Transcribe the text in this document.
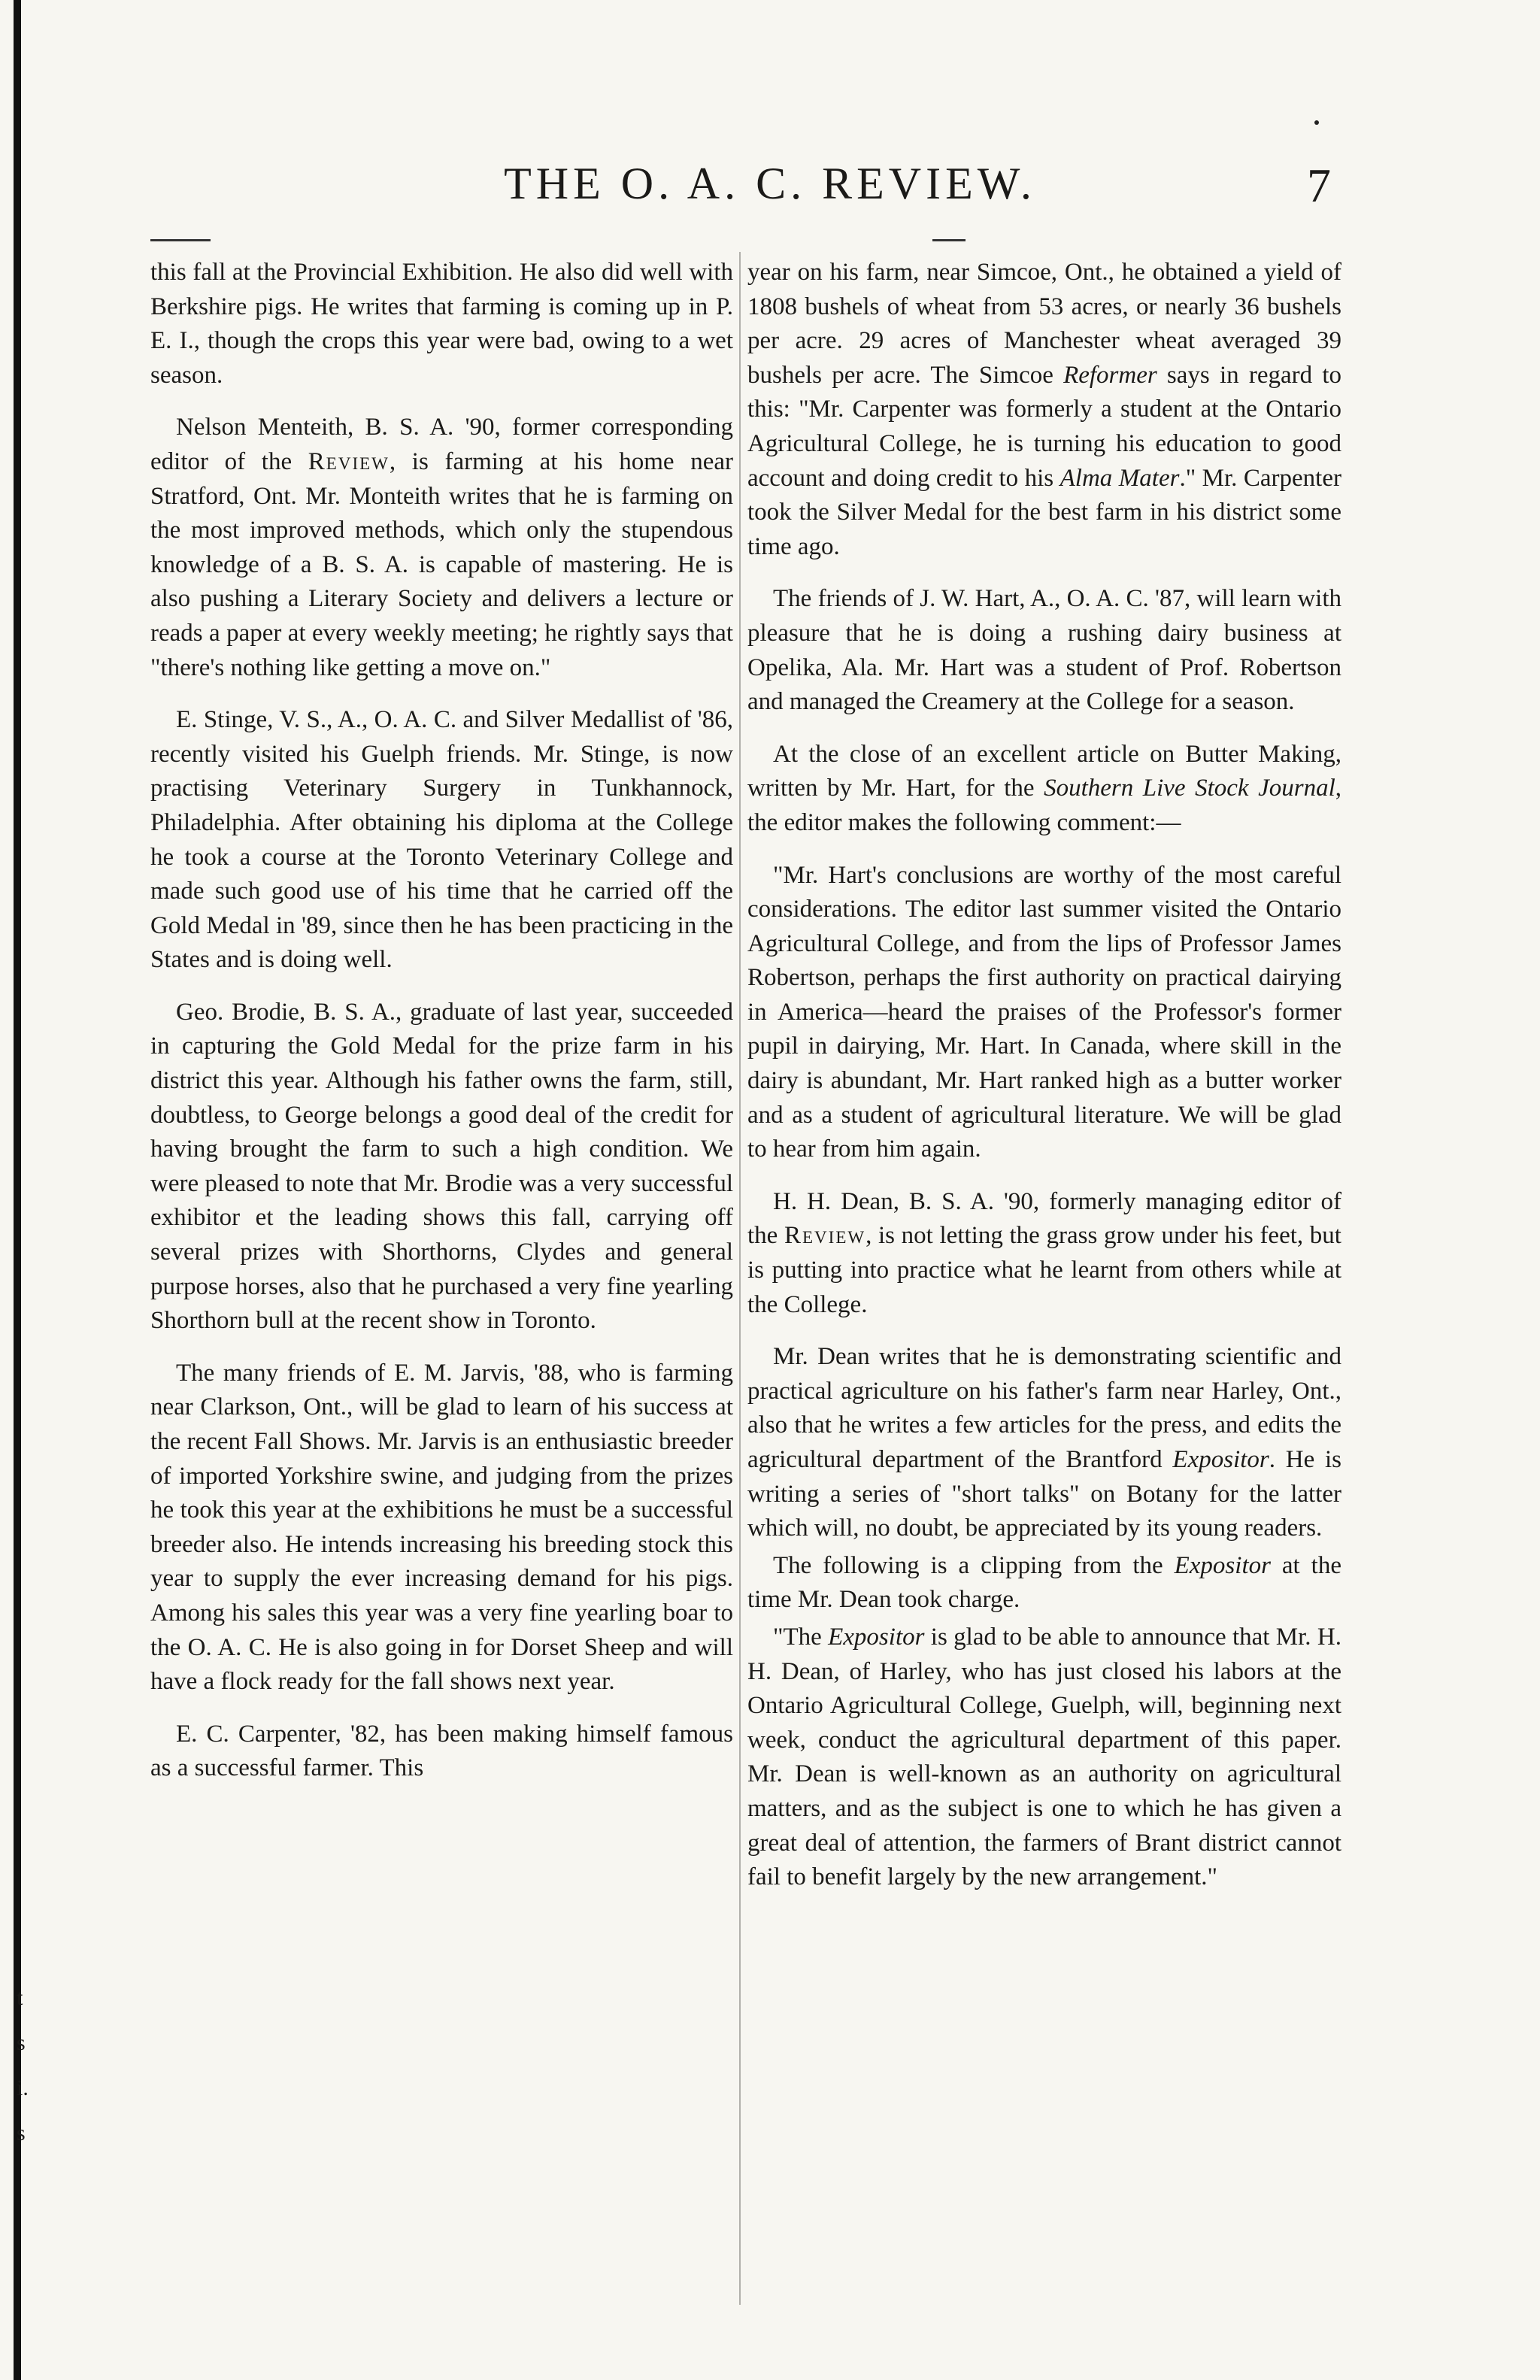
t
s
i.
s
THE O. A. C. REVIEW.	7

this fall at the Provincial Exhibition. He also did well with Berkshire pigs. He writes that farming is coming up in P. E. I., though the crops this year were bad, owing to a wet season.

Nelson Menteith, B. S. A. '90, former corresponding editor of the Review, is farming at his home near Stratford, Ont. Mr. Monteith writes that he is farming on the most improved methods, which only the stupendous knowledge of a B. S. A. is capable of mastering. He is also pushing a Literary Society and delivers a lecture or reads a paper at every weekly meeting; he rightly says that "there's nothing like getting a move on."

E. Stinge, V. S., A., O. A. C. and Silver Medallist of '86, recently visited his Guelph friends. Mr. Stinge, is now practising Veterinary Surgery in Tunkhannock, Philadelphia. After obtaining his diploma at the College he took a course at the Toronto Veterinary College and made such good use of his time that he carried off the Gold Medal in '89, since then he has been practicing in the States and is doing well.

Geo. Brodie, B. S. A., graduate of last year, succeeded in capturing the Gold Medal for the prize farm in his district this year. Although his father owns the farm, still, doubtless, to George belongs a good deal of the credit for having brought the farm to such a high condition. We were pleased to note that Mr. Brodie was a very successful exhibitor et the leading shows this fall, carrying off several prizes with Shorthorns, Clydes and general purpose horses, also that he purchased a very fine yearling Shorthorn bull at the recent show in Toronto.

The many friends of E. M. Jarvis, '88, who is farming near Clarkson, Ont., will be glad to learn of his success at the recent Fall Shows. Mr. Jarvis is an enthusiastic breeder of imported Yorkshire swine, and judging from the prizes he took this year at the exhibitions he must be a successful breeder also. He intends increasing his breeding stock this year to supply the ever increasing demand for his pigs. Among his sales this year was a very fine yearling boar to the O. A. C. He is also going in for Dorset Sheep and will have a flock ready for the fall shows next year.

E. C. Carpenter, '82, has been making himself famous as a successful farmer. This

year on his farm, near Simcoe, Ont., he obtained a yield of 1808 bushels of wheat from 53 acres, or nearly 36 bushels per acre. 29 acres of Manchester wheat averaged 39 bushels per acre. The Simcoe Reformer says in regard to this: "Mr. Carpenter was formerly a student at the Ontario Agricultural College, he is turning his education to good account and doing credit to his Alma Mater." Mr. Carpenter took the Silver Medal for the best farm in his district some time ago.

The friends of J. W. Hart, A., O. A. C. '87, will learn with pleasure that he is doing a rushing dairy business at Opelika, Ala. Mr. Hart was a student of Prof. Robertson and managed the Creamery at the College for a season.

At the close of an excellent article on Butter Making, written by Mr. Hart, for the Southern Live Stock Journal, the editor makes the following comment:—

"Mr. Hart's conclusions are worthy of the most careful considerations. The editor last summer visited the Ontario Agricultural College, and from the lips of Professor James Robertson, perhaps the first authority on practical dairying in America—heard the praises of the Professor's former pupil in dairying, Mr. Hart. In Canada, where skill in the dairy is abundant, Mr. Hart ranked high as a butter worker and as a student of agricultural literature. We will be glad to hear from him again.

H. H. Dean, B. S. A. '90, formerly managing editor of the Review, is not letting the grass grow under his feet, but is putting into practice what he learnt from others while at the College.

Mr. Dean writes that he is demonstrating scientific and practical agriculture on his father's farm near Harley, Ont., also that he writes a few articles for the press, and edits the agricultural department of the Brantford Expositor. He is writing a series of "short talks" on Botany for the latter which will, no doubt, be appreciated by its young readers.

The following is a clipping from the Expositor at the time Mr. Dean took charge.

"The Expositor is glad to be able to announce that Mr. H. H. Dean, of Harley, who has just closed his labors at the Ontario Agricultural College, Guelph, will, beginning next week, conduct the agricultural department of this paper. Mr. Dean is well-known as an authority on agricultural matters, and as the subject is one to which he has given a great deal of attention, the farmers of Brant district cannot fail to benefit largely by the new arrangement."
